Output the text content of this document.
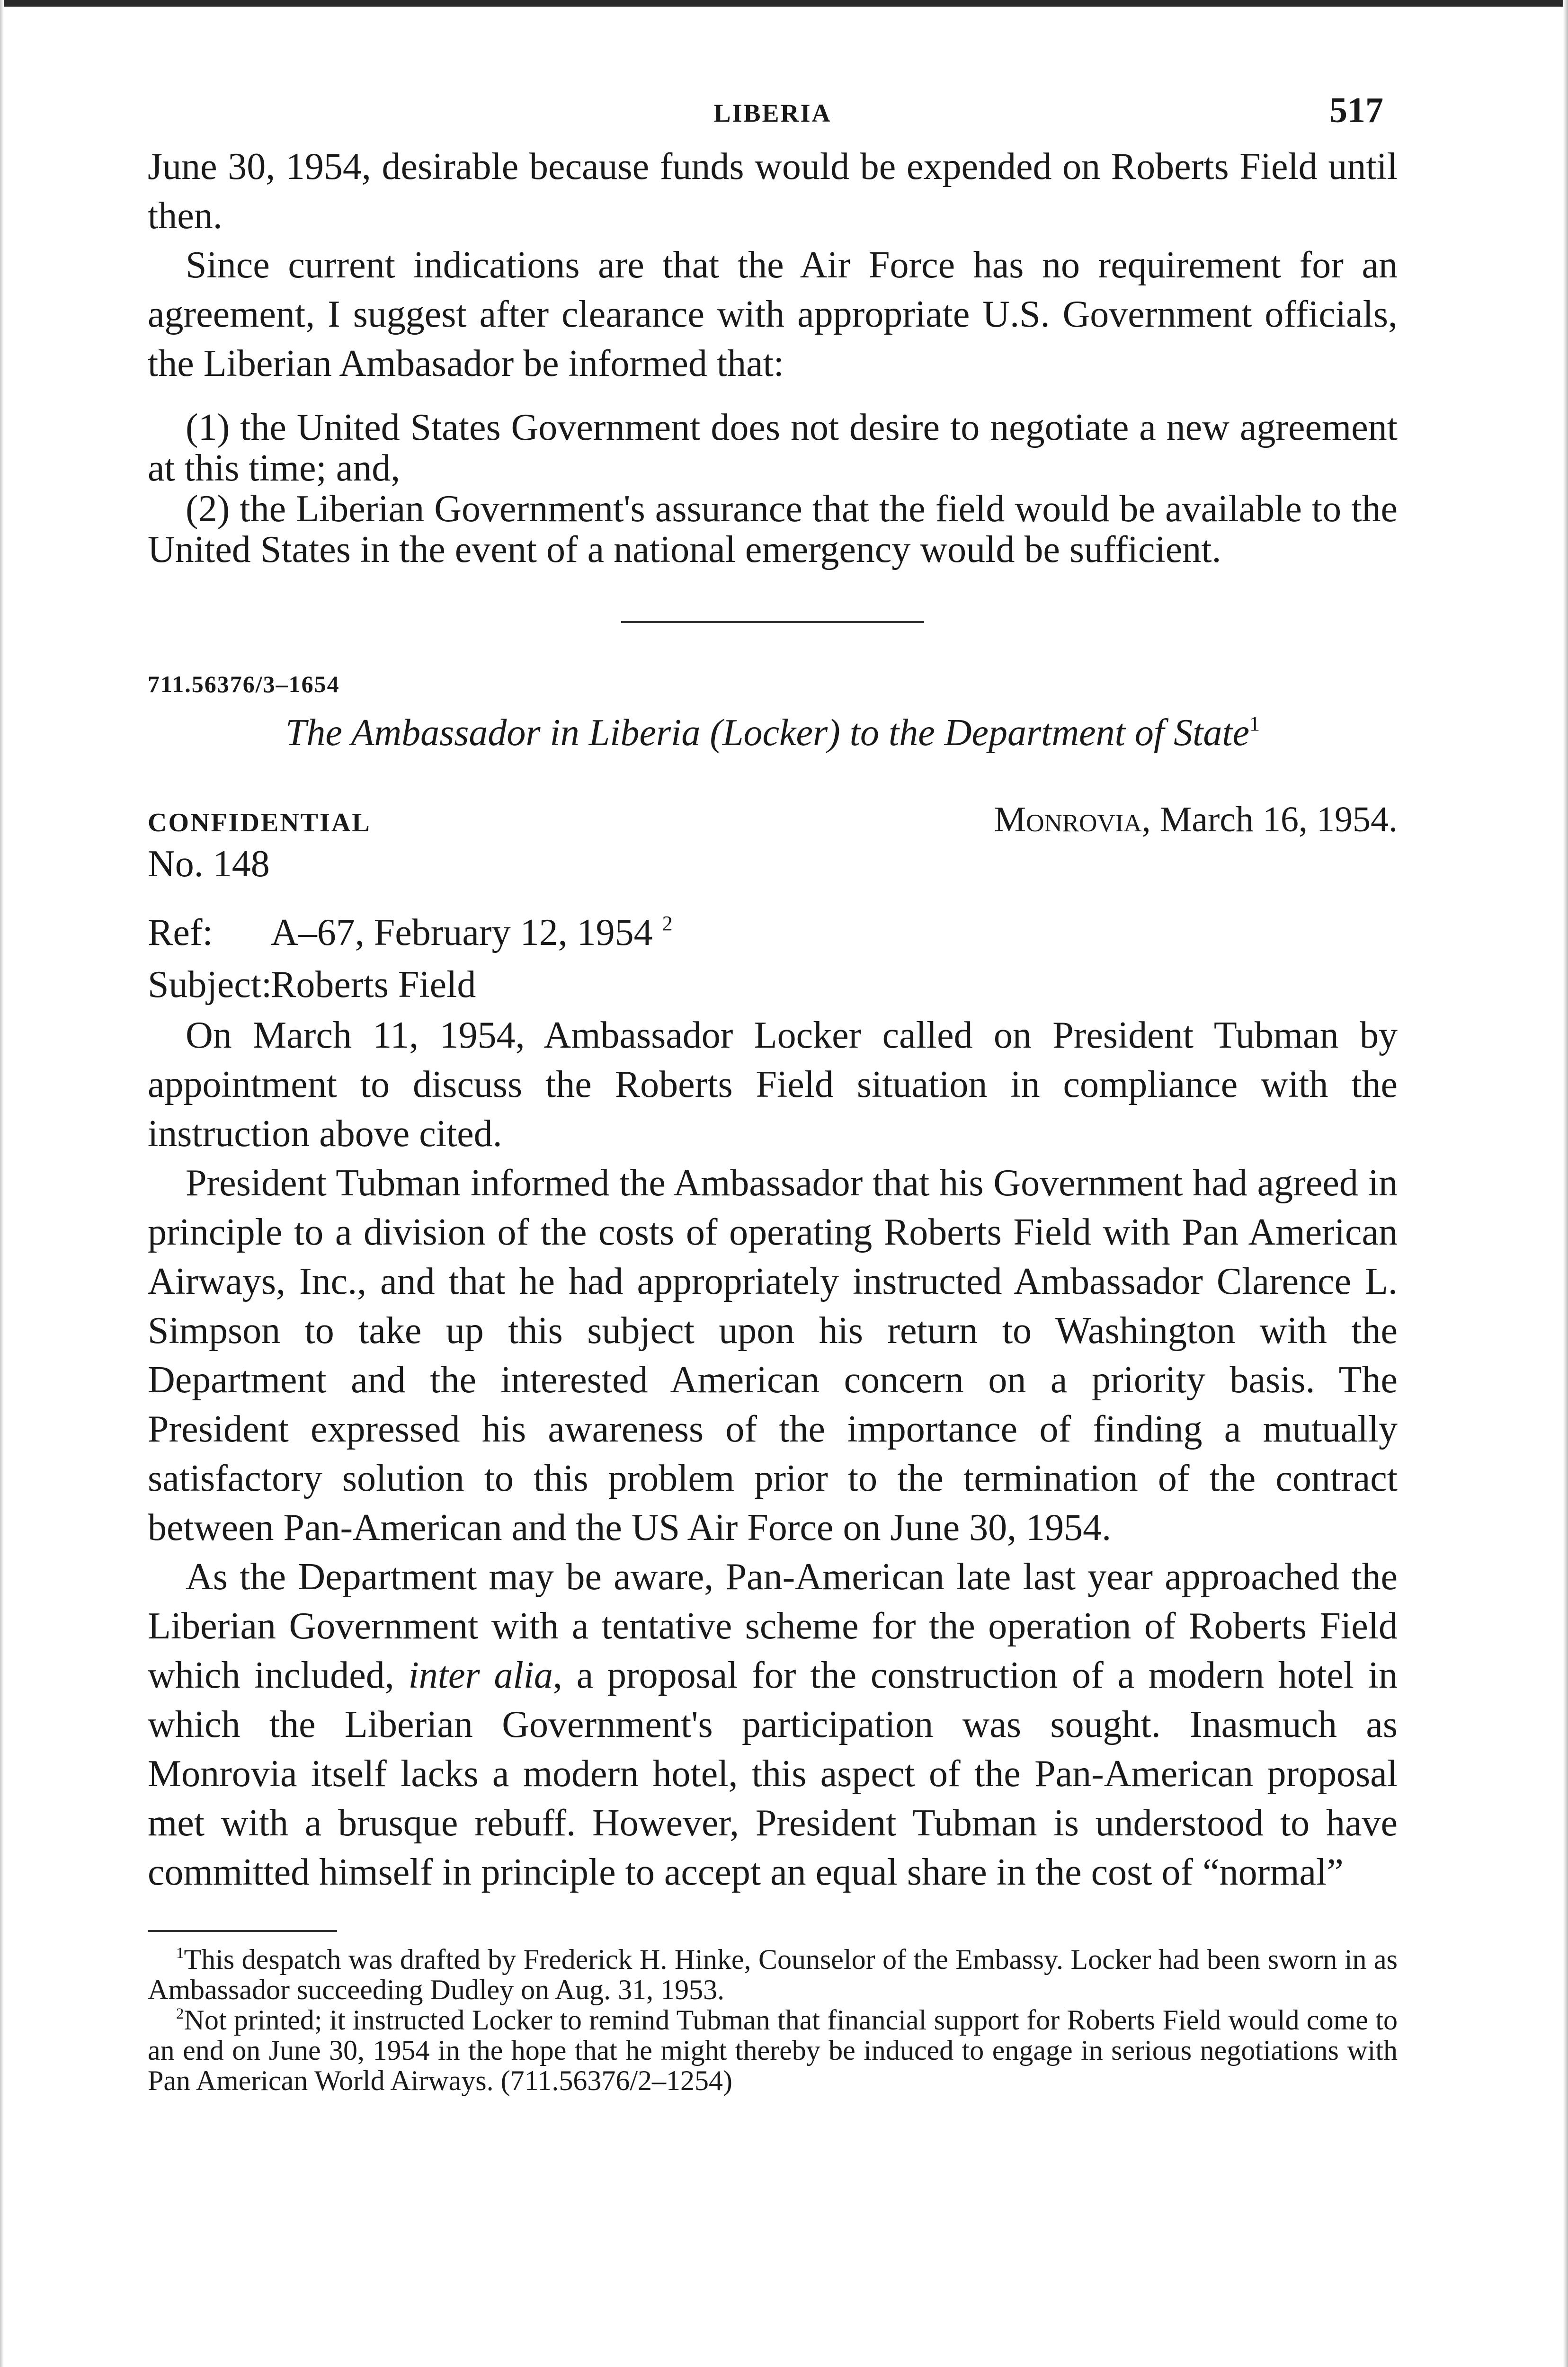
LIBERIA	517

June 30, 1954, desirable because funds would be expended on Roberts Field until then.

Since current indications are that the Air Force has no requirement for an agreement, I suggest after clearance with appropriate U.S. Government officials, the Liberian Ambasador be informed that:

(1) the United States Government does not desire to negotiate a new agreement at this time; and,

(2) the Liberian Government's assurance that the field would be available to the United States in the event of a national emergency would be sufficient.

711.56376/3–1654

The Ambassador in Liberia (Locker) to the Department of State$^1$

CONFIDENTIAL	Monrovia, March 16, 1954.

No. 148

Ref: A–67, February 12, 1954 $^2$

Subject:Roberts Field

On March 11, 1954, Ambassador Locker called on President Tubman by appointment to discuss the Roberts Field situation in compliance with the instruction above cited.

President Tubman informed the Ambassador that his Government had agreed in principle to a division of the costs of operating Roberts Field with Pan American Airways, Inc., and that he had appropriately instructed Ambassador Clarence L. Simpson to take up this subject upon his return to Washington with the Department and the interested American concern on a priority basis. The President expressed his awareness of the importance of finding a mutually satisfactory solution to this problem prior to the termination of the contract between Pan-American and the US Air Force on June 30, 1954.

As the Department may be aware, Pan-American late last year approached the Liberian Government with a tentative scheme for the operation of Roberts Field which included, inter alia, a proposal for the construction of a modern hotel in which the Liberian Government's participation was sought. Inasmuch as Monrovia itself lacks a modern hotel, this aspect of the Pan-American proposal met with a brusque rebuff. However, President Tubman is understood to have committed himself in principle to accept an equal share in the cost of “normal”

$^1$This despatch was drafted by Frederick H. Hinke, Counselor of the Embassy. Locker had been sworn in as Ambassador succeeding Dudley on Aug. 31, 1953.

$^2$Not printed; it instructed Locker to remind Tubman that financial support for Roberts Field would come to an end on June 30, 1954 in the hope that he might thereby be induced to engage in serious negotiations with Pan American World Airways. (711.56376/2–1254)
